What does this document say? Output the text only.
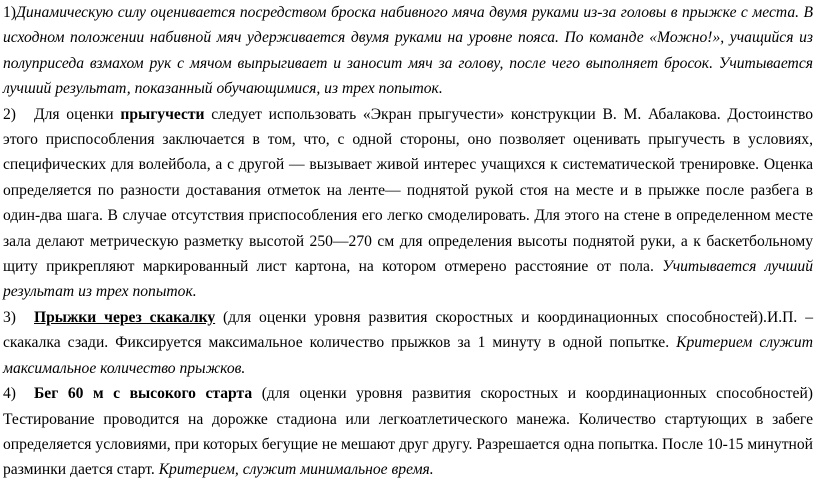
1)Динамическую силу оценивается посредством броска набивного мяча двумя руками из-за головы в прыжке с места. В исходном положении набивной мяч удерживается двумя руками на уровне пояса. По команде «Можно!», учащийся из полуприседа взмахом рук с мячом выпрыгивает и заносит мяч за голову, после чего выполняет бросок. Учитывается лучший результат, показанный обучающимися, из трех попыток.

2) Для оценки прыгучести следует использовать «Экран прыгучести» конструкции В. М. Абалакова. Достоинство этого приспособления заключается в том, что, с одной стороны, оно позволяет оценивать прыгучесть в условиях, специфических для волейбола, а с другой — вызывает живой интерес учащихся к систематической тренировке. Оценка определяется по разности доставания отметок на ленте— поднятой рукой стоя на месте и в прыжке после разбега в один-два шага. В случае отсутствия приспособления его легко смоделировать. Для этого на стене в определенном месте зала делают метрическую разметку высотой 250—270 см для определения высоты поднятой руки, а к баскетбольному щиту прикрепляют маркированный лист картона, на котором отмерено расстояние от пола. Учитывается лучший результат из трех попыток.

3) Прыжки через скакалку (для оценки уровня развития скоростных и координационных способностей).И.П. – скакалка сзади. Фиксируется максимальное количество прыжков за 1 минуту в одной попытке. Критерием служит максимальное количество прыжков.

4) Бег 60 м с высокого старта (для оценки уровня развития скоростных и координационных способностей) Тестирование проводится на дорожке стадиона или легкоатлетического манежа. Количество стартующих в забеге определяется условиями, при которых бегущие не мешают друг другу. Разрешается одна попытка. После 10-15 минутной разминки дается старт. Критерием, служит минимальное время.
